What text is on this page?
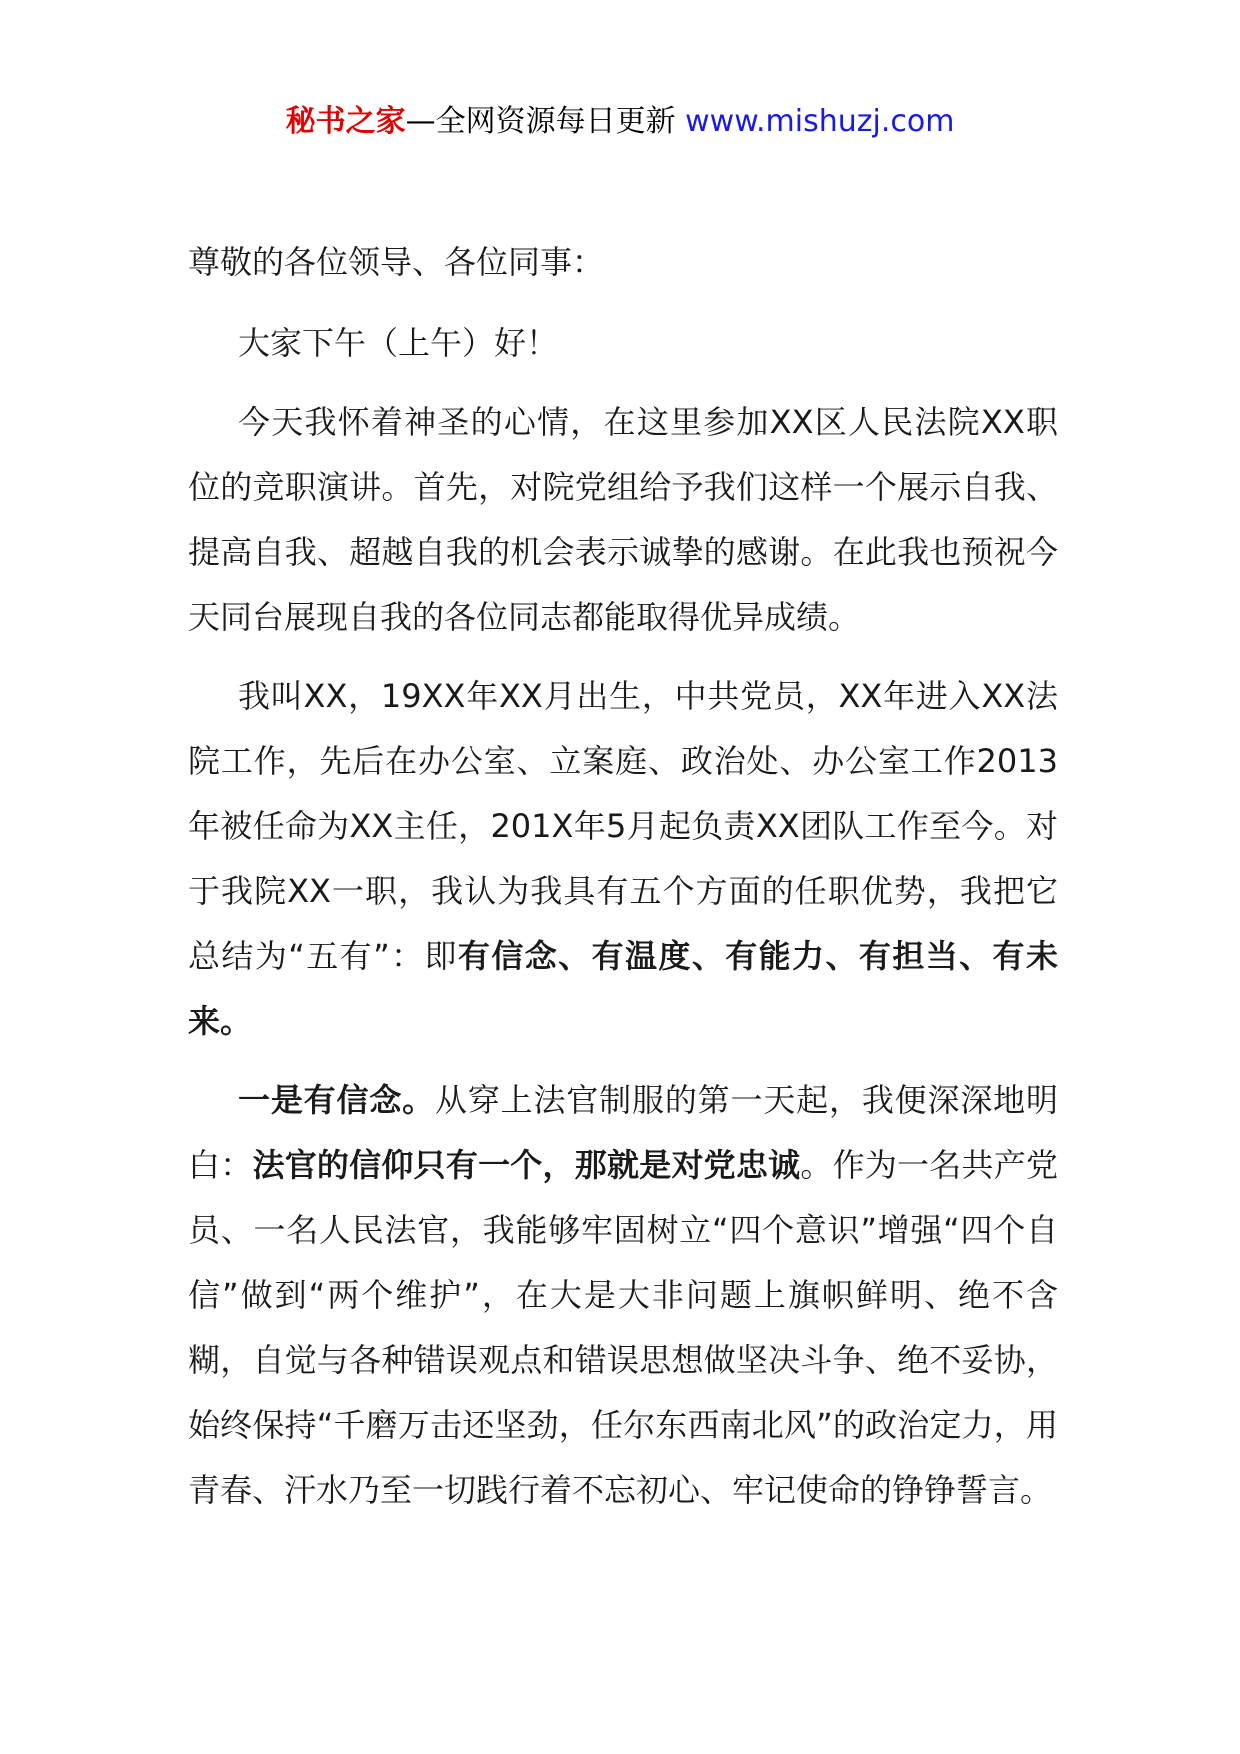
秘书之家—全网资源每日更新 www.mishuzj.com

尊敬的各位领导、各位同事：

大家下午（上午）好！

今天我怀着神圣的心情，在这里参加XX区人民法院XX职位的竞职演讲。首先，对院党组给予我们这样一个展示自我、提高自我、超越自我的机会表示诚挚的感谢。在此我也预祝今天同台展现自我的各位同志都能取得优异成绩。

我叫XX，19XX年XX月出生，中共党员，XX年进入XX法院工作，先后在办公室、立案庭、政治处、办公室工作2013年被任命为XX主任，201X年5月起负责XX团队工作至今。对于我院XX一职，我认为我具有五个方面的任职优势，我把它总结为“五有”：即有信念、有温度、有能力、有担当、有未来。

一是有信念。从穿上法官制服的第一天起，我便深深地明白：法官的信仰只有一个，那就是对党忠诚。作为一名共产党员、一名人民法官，我能够牢固树立“四个意识”增强“四个自信”做到“两个维护”，在大是大非问题上旗帜鲜明、绝不含糊，自觉与各种错误观点和错误思想做坚决斗争、绝不妥协，始终保持“千磨万击还坚劲，任尔东西南北风”的政治定力，用青春、汗水乃至一切践行着不忘初心、牢记使命的铮铮誓言。
